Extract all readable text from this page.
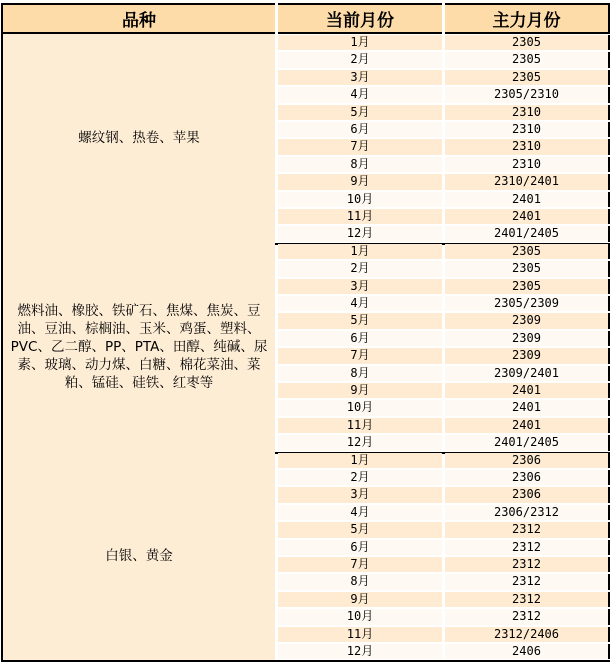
品种	当前月份	主力月份
螺纹钢、热卷、苹果
1月	2305
2月	2305
3月	2305
4月	2305/2310
5月	2310
6月	2310
7月	2310
8月	2310
9月	2310/2401
10月	2401
11月	2401
12月	2401/2405
燃料油、橡胶、铁矿石、焦煤、焦炭、豆油、豆油、棕榈油、玉米、鸡蛋、塑料、PVC、乙二醇、PP、PTA、田醇、纯碱、尿素、玻璃、动力煤、白糖、棉花菜油、菜粕、锰硅、硅铁、红枣等
1月	2305
2月	2305
3月	2305
4月	2305/2309
5月	2309
6月	2309
7月	2309
8月	2309/2401
9月	2401
10月	2401
11月	2401
12月	2401/2405
白银、黄金
1月	2306
2月	2306
3月	2306
4月	2306/2312
5月	2312
6月	2312
7月	2312
8月	2312
9月	2312
10月	2312
11月	2312/2406
12月	2406
